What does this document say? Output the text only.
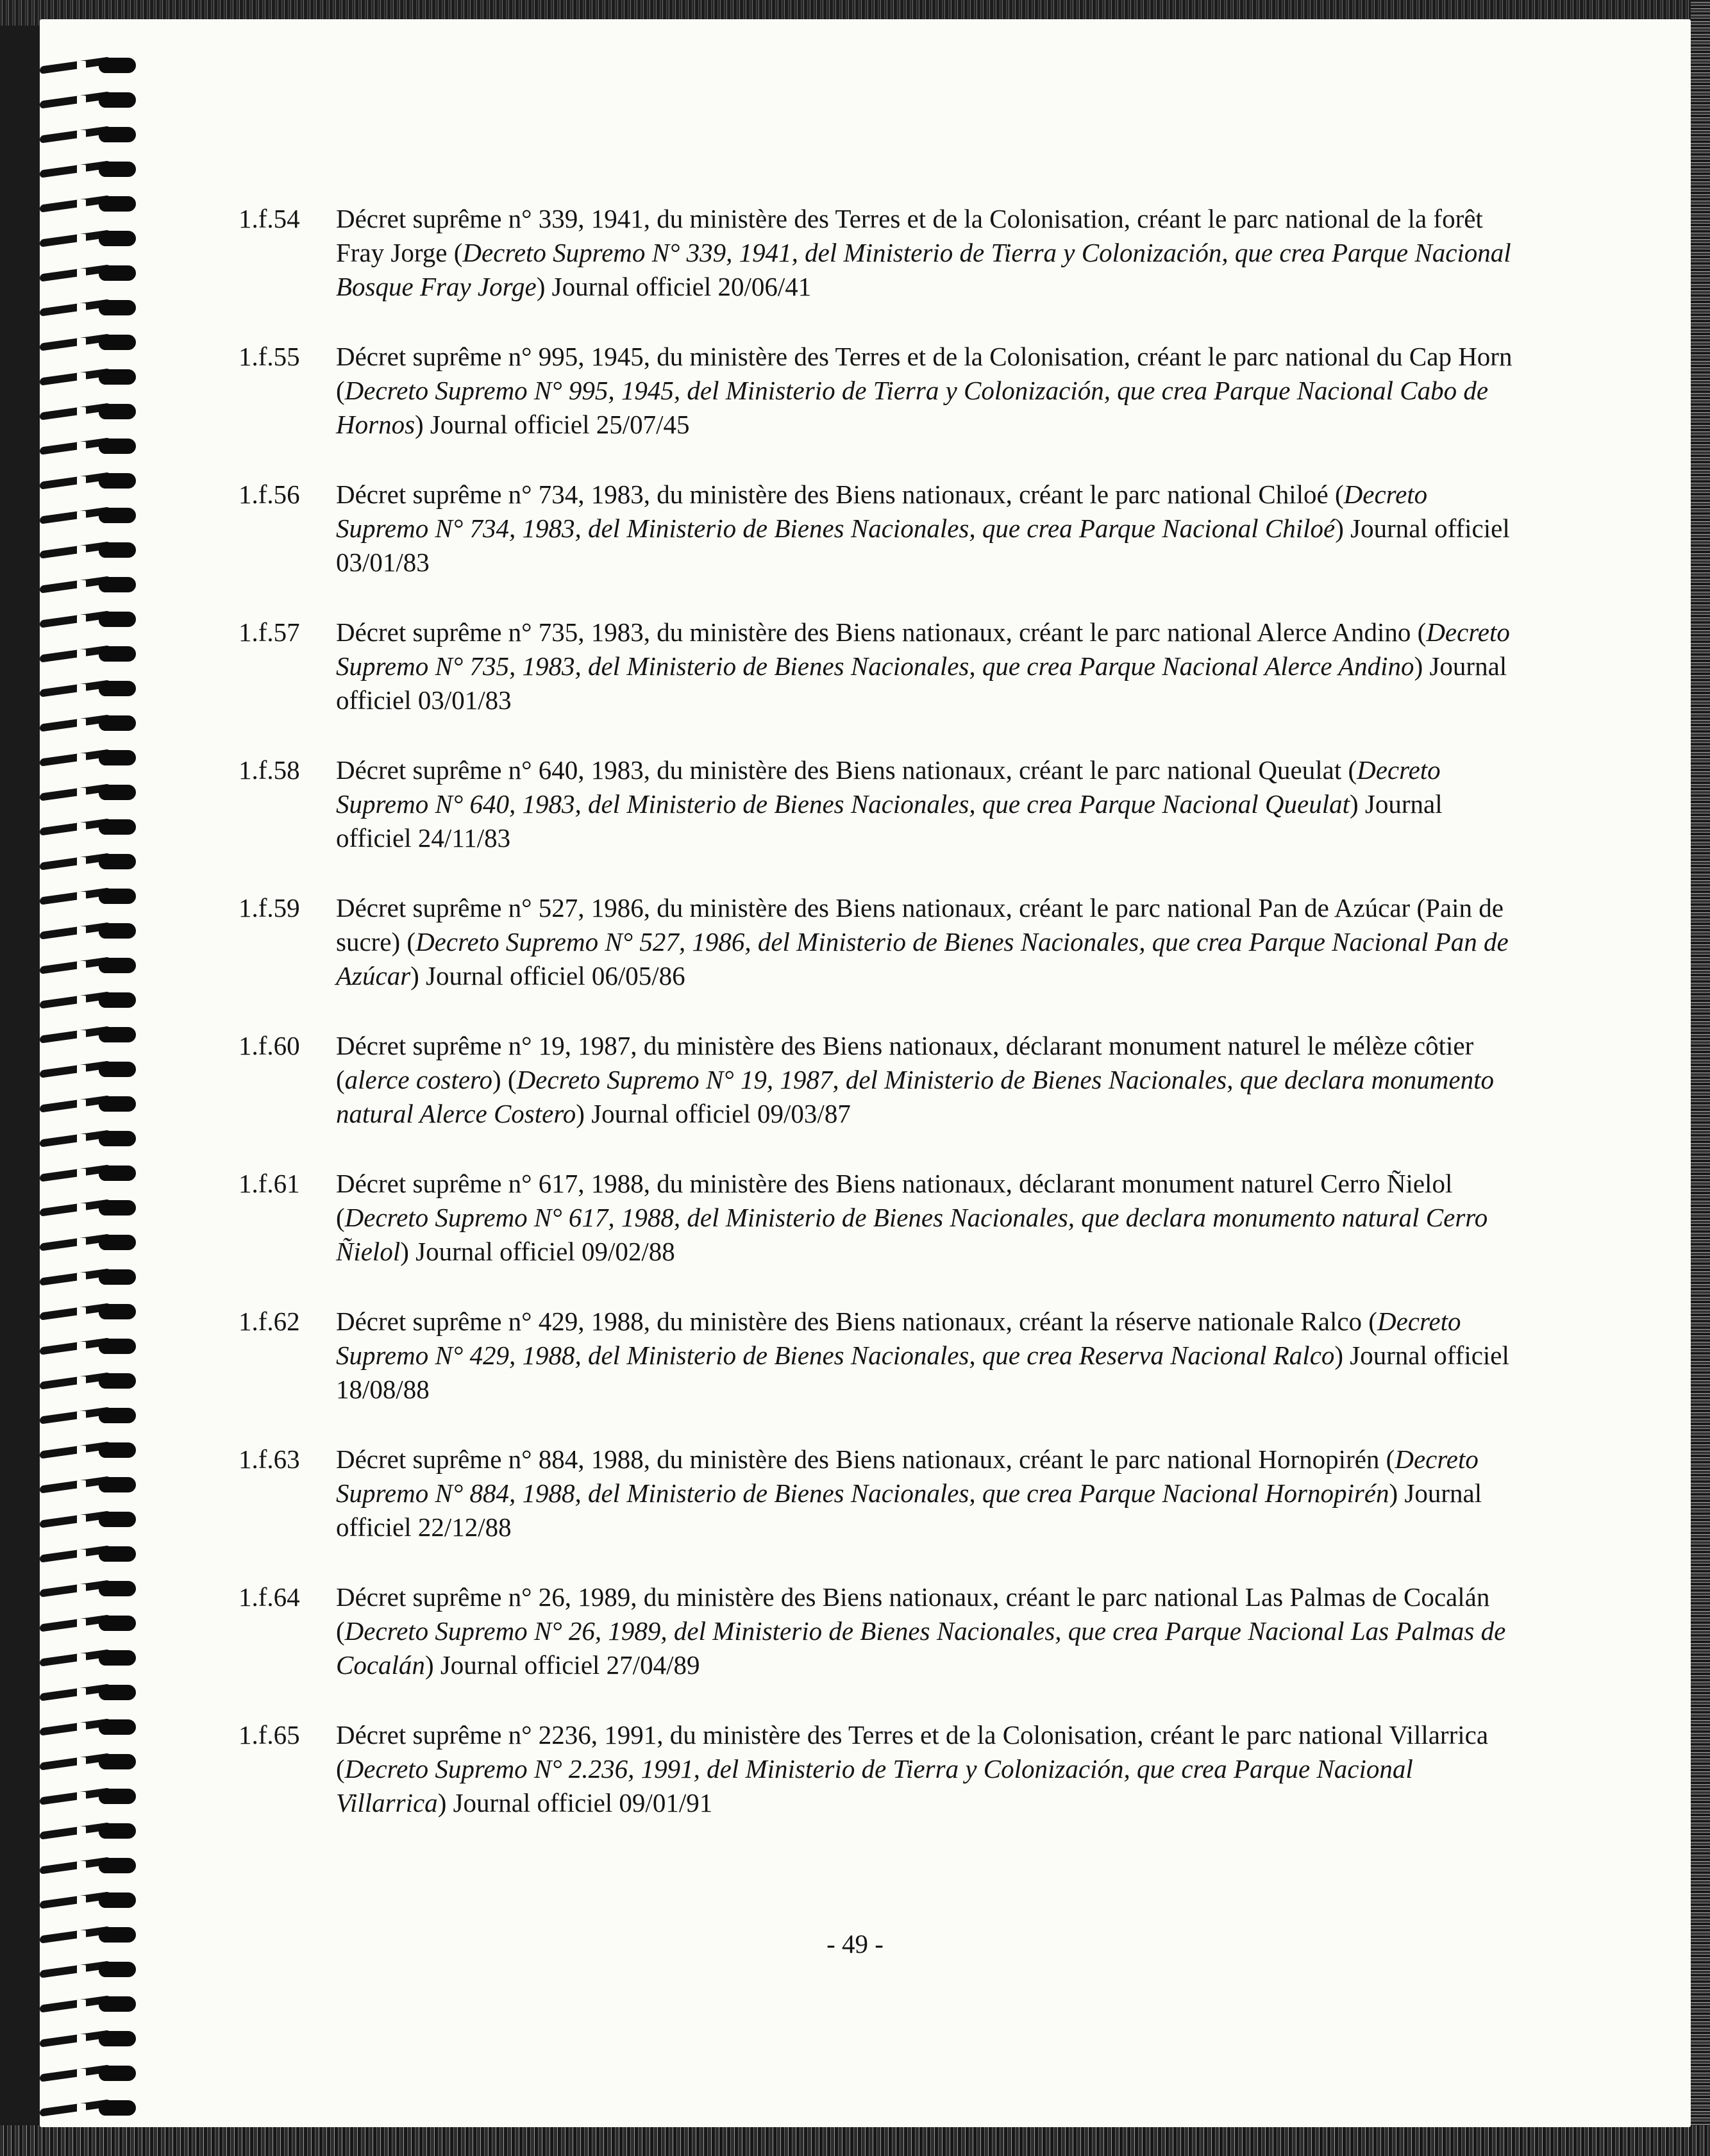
1.f.54	Décret suprême n° 339, 1941, du ministère des Terres et de la Colonisation, créant le parc national de la forêt Fray Jorge (Decreto Supremo N° 339, 1941, del Ministerio de Tierra y Colonización, que crea Parque Nacional Bosque Fray Jorge) Journal officiel 20/06/41
1.f.55	Décret suprême n° 995, 1945, du ministère des Terres et de la Colonisation, créant le parc national du Cap Horn (Decreto Supremo N° 995, 1945, del Ministerio de Tierra y Colonización, que crea Parque Nacional Cabo de Hornos) Journal officiel 25/07/45
1.f.56	Décret suprême n° 734, 1983, du ministère des Biens nationaux, créant le parc national Chiloé (Decreto Supremo N° 734, 1983, del Ministerio de Bienes Nacionales, que crea Parque Nacional Chiloé) Journal officiel 03/01/83
1.f.57	Décret suprême n° 735, 1983, du ministère des Biens nationaux, créant le parc national Alerce Andino (Decreto Supremo N° 735, 1983, del Ministerio de Bienes Nacionales, que crea Parque Nacional Alerce Andino) Journal officiel 03/01/83
1.f.58	Décret suprême n° 640, 1983, du ministère des Biens nationaux, créant le parc national Queulat (Decreto Supremo N° 640, 1983, del Ministerio de Bienes Nacionales, que crea Parque Nacional Queulat) Journal officiel 24/11/83
1.f.59	Décret suprême n° 527, 1986, du ministère des Biens nationaux, créant le parc national Pan de Azúcar (Pain de sucre) (Decreto Supremo N° 527, 1986, del Ministerio de Bienes Nacionales, que crea Parque Nacional Pan de Azúcar) Journal officiel 06/05/86
1.f.60	Décret suprême n° 19, 1987, du ministère des Biens nationaux, déclarant monument naturel le mélèze côtier (alerce costero) (Decreto Supremo N° 19, 1987, del Ministerio de Bienes Nacionales, que declara monumento natural Alerce Costero) Journal officiel 09/03/87
1.f.61	Décret suprême n° 617, 1988, du ministère des Biens nationaux, déclarant monument naturel Cerro Ñielol (Decreto Supremo N° 617, 1988, del Ministerio de Bienes Nacionales, que declara monumento natural Cerro Ñielol) Journal officiel 09/02/88
1.f.62	Décret suprême n° 429, 1988, du ministère des Biens nationaux, créant la réserve nationale Ralco (Decreto Supremo N° 429, 1988, del Ministerio de Bienes Nacionales, que crea Reserva Nacional Ralco) Journal officiel 18/08/88
1.f.63	Décret suprême n° 884, 1988, du ministère des Biens nationaux, créant le parc national Hornopirén (Decreto Supremo N° 884, 1988, del Ministerio de Bienes Nacionales, que crea Parque Nacional Hornopirén) Journal officiel 22/12/88
1.f.64	Décret suprême n° 26, 1989, du ministère des Biens nationaux, créant le parc national Las Palmas de Cocalán (Decreto Supremo N° 26, 1989, del Ministerio de Bienes Nacionales, que crea Parque Nacional Las Palmas de Cocalán) Journal officiel 27/04/89
1.f.65	Décret suprême n° 2236, 1991, du ministère des Terres et de la Colonisation, créant le parc national Villarrica (Decreto Supremo N° 2.236, 1991, del Ministerio de Tierra y Colonización, que crea Parque Nacional Villarrica) Journal officiel 09/01/91
- 49 -
